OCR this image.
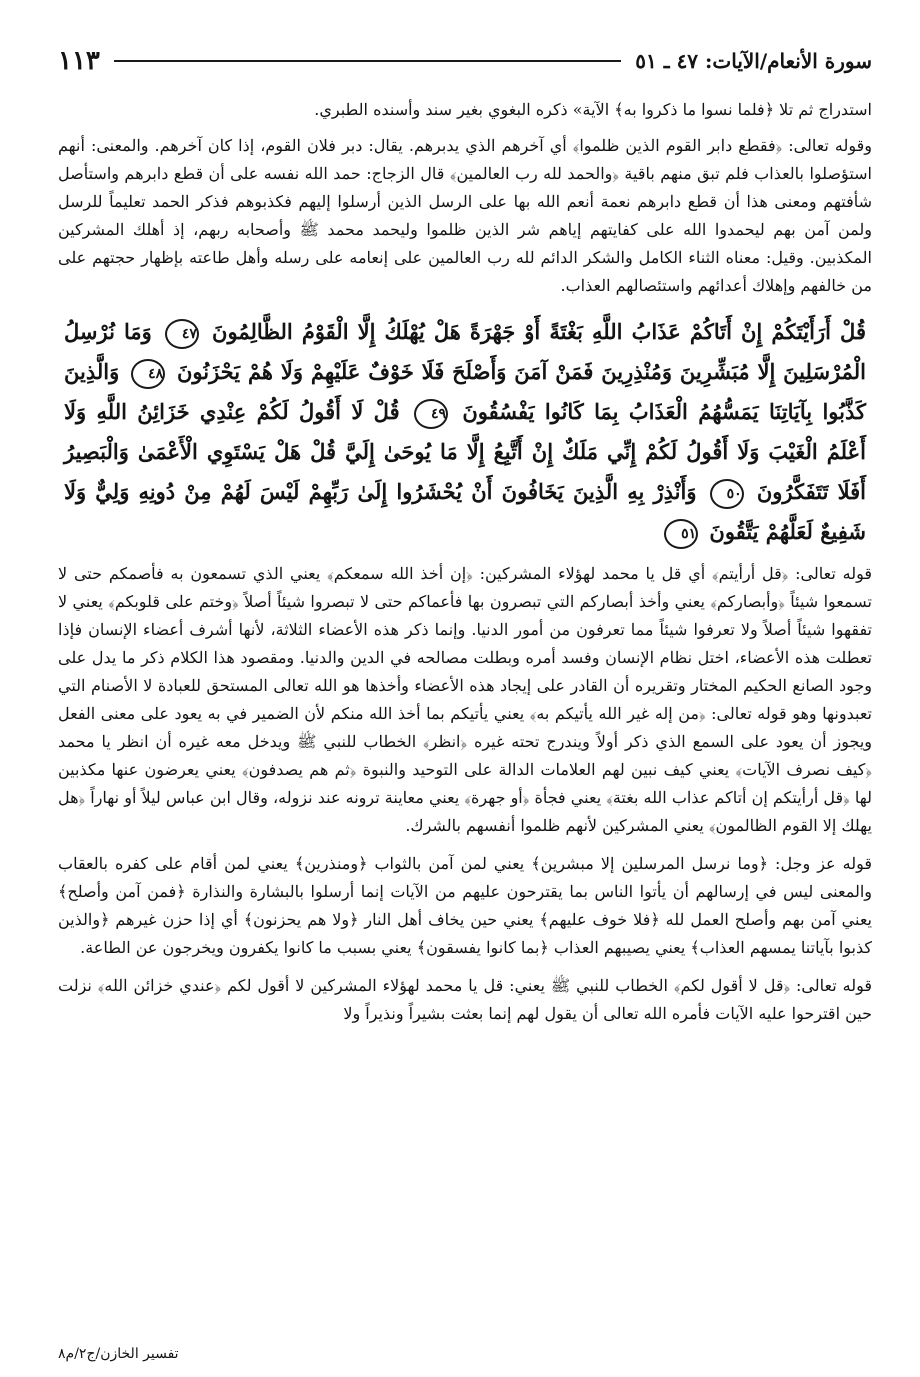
سورة الأنعام/الآيات: ٤٧ ـ ٥١
١١٣

استدراج ثم تلا ﴿فلما نسوا ما ذكروا به﴾ الآية» ذكره البغوي بغير سند وأسنده الطبري.

وقوله تعالى: ﴿فقطع دابر القوم الذين ظلموا﴾ أي آخرهم الذي يدبرهم. يقال: دبر فلان القوم، إذا كان آخرهم. والمعنى: أنهم استؤصلوا بالعذاب فلم تبق منهم باقية ﴿والحمد لله رب العالمين﴾ قال الزجاج: حمد الله نفسه على أن قطع دابرهم واستأصل شأفتهم ومعنى هذا أن قطع دابرهم نعمة أنعم الله بها على الرسل الذين أرسلوا إليهم فكذبوهم فذكر الحمد تعليماً للرسل ولمن آمن بهم ليحمدوا الله على كفايتهم إياهم شر الذين ظلموا وليحمد محمد ﷺ وأصحابه ربهم، إذ أهلك المشركين المكذبين. وقيل: معناه الثناء الكامل والشكر الدائم لله رب العالمين على إنعامه على رسله وأهل طاعته بإظهار حجتهم على من خالفهم وإهلاك أعدائهم واستئصالهم العذاب.

قُلْ أَرَأَيْتَكُمْ إِنْ أَتَاكُمْ عَذَابُ اللَّهِ بَغْتَةً أَوْ جَهْرَةً هَلْ يُهْلَكُ إِلَّا الْقَوْمُ الظَّالِمُونَ ٤٧ وَمَا نُرْسِلُ الْمُرْسَلِينَ إِلَّا مُبَشِّرِينَ وَمُنْذِرِينَ فَمَنْ آمَنَ وَأَصْلَحَ فَلَا خَوْفٌ عَلَيْهِمْ وَلَا هُمْ يَحْزَنُونَ ٤٨ وَالَّذِينَ كَذَّبُوا بِآيَاتِنَا يَمَسُّهُمُ الْعَذَابُ بِمَا كَانُوا يَفْسُقُونَ ٤٩ قُلْ لَا أَقُولُ لَكُمْ عِنْدِي خَزَائِنُ اللَّهِ وَلَا أَعْلَمُ الْغَيْبَ وَلَا أَقُولُ لَكُمْ إِنِّي مَلَكٌ إِنْ أَتَّبِعُ إِلَّا مَا يُوحَىٰ إِلَيَّ قُلْ هَلْ يَسْتَوِي الْأَعْمَىٰ وَالْبَصِيرُ أَفَلَا تَتَفَكَّرُونَ ٥٠ وَأَنْذِرْ بِهِ الَّذِينَ يَخَافُونَ أَنْ يُحْشَرُوا إِلَىٰ رَبِّهِمْ لَيْسَ لَهُمْ مِنْ دُونِهِ وَلِيٌّ وَلَا شَفِيعٌ لَعَلَّهُمْ يَتَّقُونَ ٥١

قوله تعالى: ﴿قل أرأيتم﴾ أي قل يا محمد لهؤلاء المشركين: ﴿إن أخذ الله سمعكم﴾ يعني الذي تسمعون به فأصمكم حتى لا تسمعوا شيئاً ﴿وأبصاركم﴾ يعني وأخذ أبصاركم التي تبصرون بها فأعماكم حتى لا تبصروا شيئاً أصلاً ﴿وختم على قلوبكم﴾ يعني لا تفقهوا شيئاً أصلاً ولا تعرفوا شيئاً مما تعرفون من أمور الدنيا. وإنما ذكر هذه الأعضاء الثلاثة، لأنها أشرف أعضاء الإنسان فإذا تعطلت هذه الأعضاء، اختل نظام الإنسان وفسد أمره وبطلت مصالحه في الدين والدنيا. ومقصود هذا الكلام ذكر ما يدل على وجود الصانع الحكيم المختار وتقريره أن القادر على إيجاد هذه الأعضاء وأخذها هو الله تعالى المستحق للعبادة لا الأصنام التي تعبدونها وهو قوله تعالى: ﴿من إله غير الله يأتيكم به﴾ يعني يأتيكم بما أخذ الله منكم لأن الضمير في به يعود على معنى الفعل ويجوز أن يعود على السمع الذي ذكر أولاً ويندرج تحته غيره ﴿انظر﴾ الخطاب للنبي ﷺ ويدخل معه غيره أن انظر يا محمد ﴿كيف نصرف الآيات﴾ يعني كيف نبين لهم العلامات الدالة على التوحيد والنبوة ﴿ثم هم يصدفون﴾ يعني يعرضون عنها مكذبين لها ﴿قل أرأيتكم إن أتاكم عذاب الله بغتة﴾ يعني فجأة ﴿أو جهرة﴾ يعني معاينة ترونه عند نزوله، وقال ابن عباس ليلاً أو نهاراً ﴿هل يهلك إلا القوم الظالمون﴾ يعني المشركين لأنهم ظلموا أنفسهم بالشرك.

قوله عز وجل: ﴿وما نرسل المرسلين إلا مبشرين﴾ يعني لمن آمن بالثواب ﴿ومنذرين﴾ يعني لمن أقام على كفره بالعقاب والمعنى ليس في إرسالهم أن يأتوا الناس بما يقترحون عليهم من الآيات إنما أرسلوا بالبشارة والنذارة ﴿فمن آمن وأصلح﴾ يعني آمن بهم وأصلح العمل لله ﴿فلا خوف عليهم﴾ يعني حين يخاف أهل النار ﴿ولا هم يحزنون﴾ أي إذا حزن غيرهم ﴿والذين كذبوا بآياتنا يمسهم العذاب﴾ يعني يصيبهم العذاب ﴿بما كانوا يفسقون﴾ يعني بسبب ما كانوا يكفرون ويخرجون عن الطاعة.

قوله تعالى: ﴿قل لا أقول لكم﴾ الخطاب للنبي ﷺ يعني: قل يا محمد لهؤلاء المشركين لا أقول لكم ﴿عندي خزائن الله﴾ نزلت حين اقترحوا عليه الآيات فأمره الله تعالى أن يقول لهم إنما بعثت بشيراً ونذيراً ولا

تفسير الخازن/ج٢/م٨
